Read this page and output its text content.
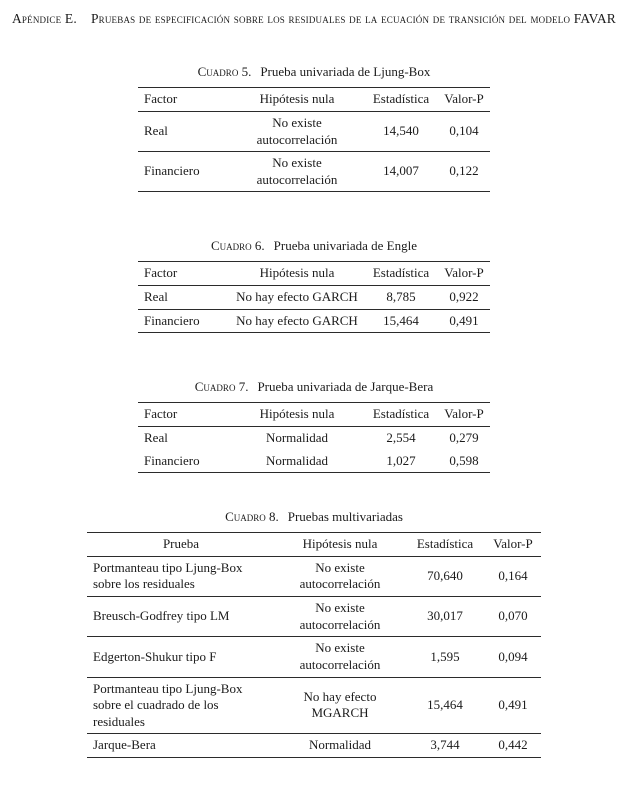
Apéndice E. Pruebas de especificación sobre los residuales de la ecuación de transición del modelo FAVAR
Cuadro 5. Prueba univariada de Ljung-Box
Factor	Hipótesis nula	Estadística	Valor-P
Real	No existe autocorrelación	14,540	0,104
Financiero	No existe autocorrelación	14,007	0,122
Cuadro 6. Prueba univariada de Engle
Factor	Hipótesis nula	Estadística	Valor-P
Real	No hay efecto GARCH	8,785	0,922
Financiero	No hay efecto GARCH	15,464	0,491
Cuadro 7. Prueba univariada de Jarque-Bera
Factor	Hipótesis nula	Estadística	Valor-P
Real	Normalidad	2,554	0,279
Financiero	Normalidad	1,027	0,598
Cuadro 8. Pruebas multivariadas
Prueba	Hipótesis nula	Estadística	Valor-P
Portmanteau tipo Ljung-Box sobre los residuales	No existe autocorrelación	70,640	0,164
Breusch-Godfrey tipo LM	No existe autocorrelación	30,017	0,070
Edgerton-Shukur tipo F	No existe autocorrelación	1,595	0,094
Portmanteau tipo Ljung-Box sobre el cuadrado de los residuales	No hay efecto MGARCH	15,464	0,491
Jarque-Bera	Normalidad	3,744	0,442
